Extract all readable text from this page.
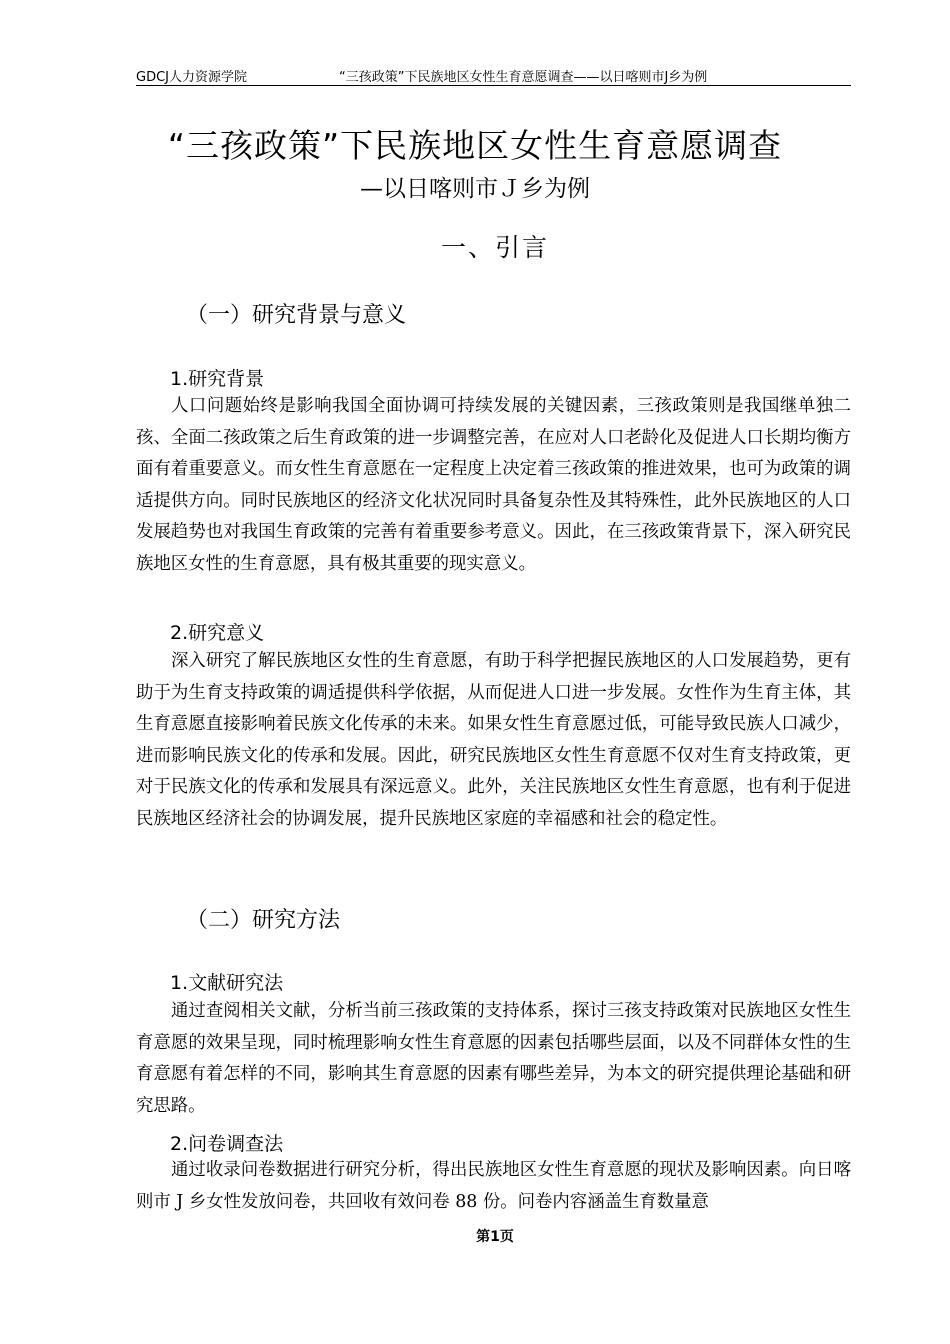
GDCJ人力资源学院	“三孩政策”下民族地区女性生育意愿调查——以日喀则市J乡为例
“三孩政策”下民族地区女性生育意愿调查
—以日喀则市Ｊ乡为例
一、引言
（一）研究背景与意义
1.研究背景

人口问题始终是影响我国全面协调可持续发展的关键因素，三孩政策则是我国继单独二孩、全面二孩政策之后生育政策的进一步调整完善，在应对人口老龄化及促进人口长期均衡方面有着重要意义。而女性生育意愿在一定程度上决定着三孩政策的推进效果，也可为政策的调适提供方向。同时民族地区的经济文化状况同时具备复杂性及其特殊性，此外民族地区的人口发展趋势也对我国生育政策的完善有着重要参考意义。因此，在三孩政策背景下，深入研究民族地区女性的生育意愿，具有极其重要的现实意义。

2.研究意义

深入研究了解民族地区女性的生育意愿，有助于科学把握民族地区的人口发展趋势，更有助于为生育支持政策的调适提供科学依据，从而促进人口进一步发展。女性作为生育主体，其生育意愿直接影响着民族文化传承的未来。如果女性生育意愿过低，可能导致民族人口减少，进而影响民族文化的传承和发展。因此，研究民族地区女性生育意愿不仅对生育支持政策，更对于民族文化的传承和发展具有深远意义。此外，关注民族地区女性生育意愿，也有利于促进民族地区经济社会的协调发展，提升民族地区家庭的幸福感和社会的稳定性。

（二）研究方法
1.文献研究法

通过查阅相关文献，分析当前三孩政策的支持体系，探讨三孩支持政策对民族地区女性生育意愿的效果呈现，同时梳理影响女性生育意愿的因素包括哪些层面，以及不同群体女性的生育意愿有着怎样的不同，影响其生育意愿的因素有哪些差异，为本文的研究提供理论基础和研究思路。

2.问卷调查法

通过收录问卷数据进行研究分析，得出民族地区女性生育意愿的现状及影响因素。向日喀则市 J 乡女性发放问卷，共回收有效问卷 88 份。问卷内容涵盖生育数量意

第1页
